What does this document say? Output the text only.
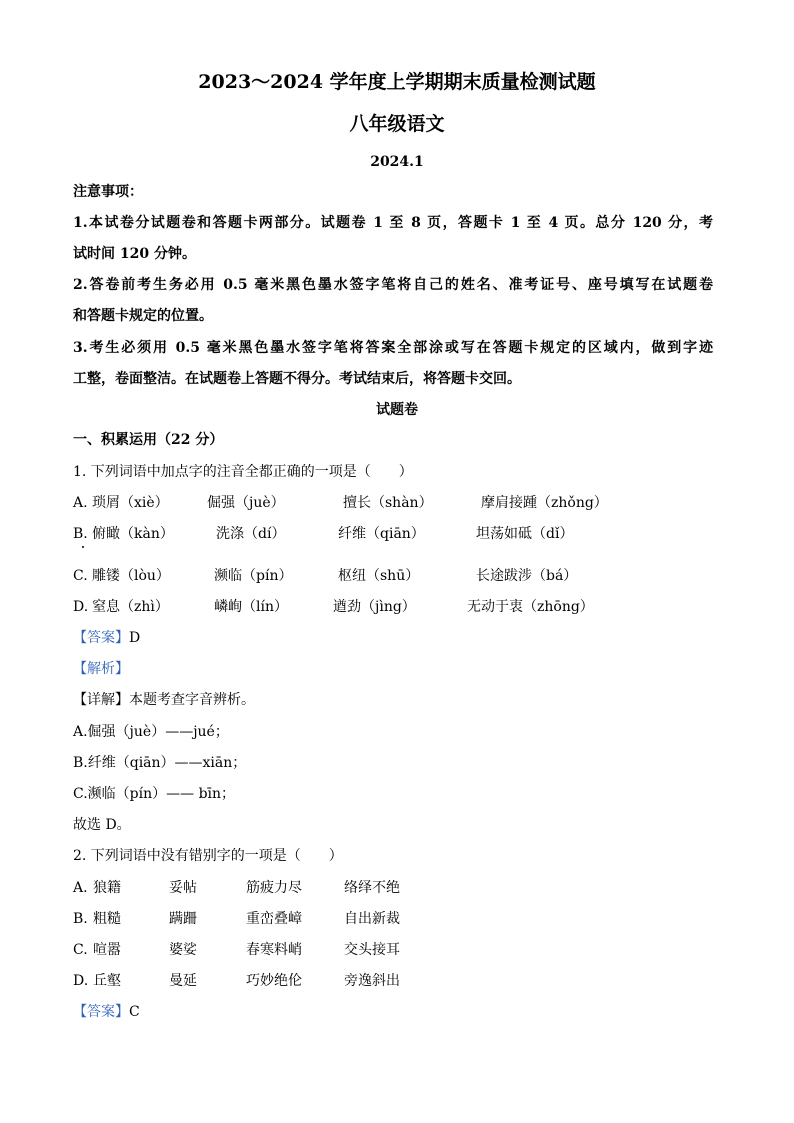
2023～2024 学年度上学期期末质量检测试题
八年级语文
2024.1
注意事项：
1.本试卷分试题卷和答题卡两部分。试题卷 1 至 8 页，答题卡 1 至 4 页。总分 120 分，考
试时间 120 分钟。
2.答卷前考生务必用 0.5 毫米黑色墨水签字笔将自己的姓名、准考证号、座号填写在试题卷
和答题卡规定的位置。
3.考生必须用 0.5 毫米黑色墨水签字笔将答案全部涂或写在答题卡规定的区域内，做到字迹
工整，卷面整洁。在试题卷上答题不得分。考试结束后，将答题卡交回。
试题卷
一、积累运用（22 分）
1. 下列词语中加点字的注音全都正确的一项是（　　）
A. 琐屑（xiè）	倔强（juè）	擅长（shàn）	摩肩接踵（zhǒng）
B. 俯瞰（kàn）	洗涤（dí）	纤维（qiān）	坦荡如砥（dǐ）
C. 雕镂（lòu）	濒临（pín）	枢纽（shū）	长途跋涉（bá）
D. 窒息（zhì）	嶙峋（lín）	遒劲（jìng）	无动于衷（zhōng）
【答案】D
【解析】
【详解】本题考查字音辨析。
A.倔强（juè）——jué；
B.纤维（qiān）——xiān；
C.濒临（pín）—— bīn；
故选 D。
2. 下列词语中没有错别字的一项是（　　）
A. 狼籍	妥帖	筋疲力尽	络绎不绝
B. 粗糙	蹒跚	重峦叠嶂	自出新裁
C. 喧嚣	婆娑	春寒料峭	交头接耳
D. 丘壑	曼延	巧妙绝伦	旁逸斜出
【答案】C
